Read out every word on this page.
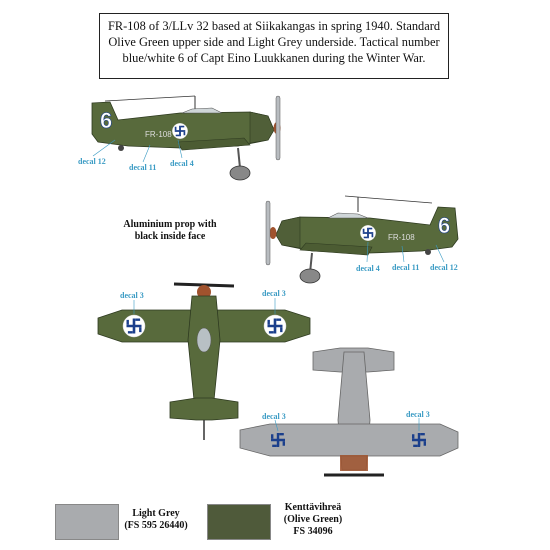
FR-108 of 3/LLv 32 based at Siikakangas in spring 1940. Standard
Olive Green upper side and Light Grey underside. Tactical number
blue/white 6 of Capt Eino Luukkanen during the Winter War.
6
FR-108
6
FR-108
decal 12
decal 11 decal 4
decal 4 decal 11 decal 12
decal 3	decal 3
decal 3	decal 3
Aluminium prop with
black inside face
Light Grey
(FS 595 26440)
Kenttävihreä
(Olive Green)
FS 34096
